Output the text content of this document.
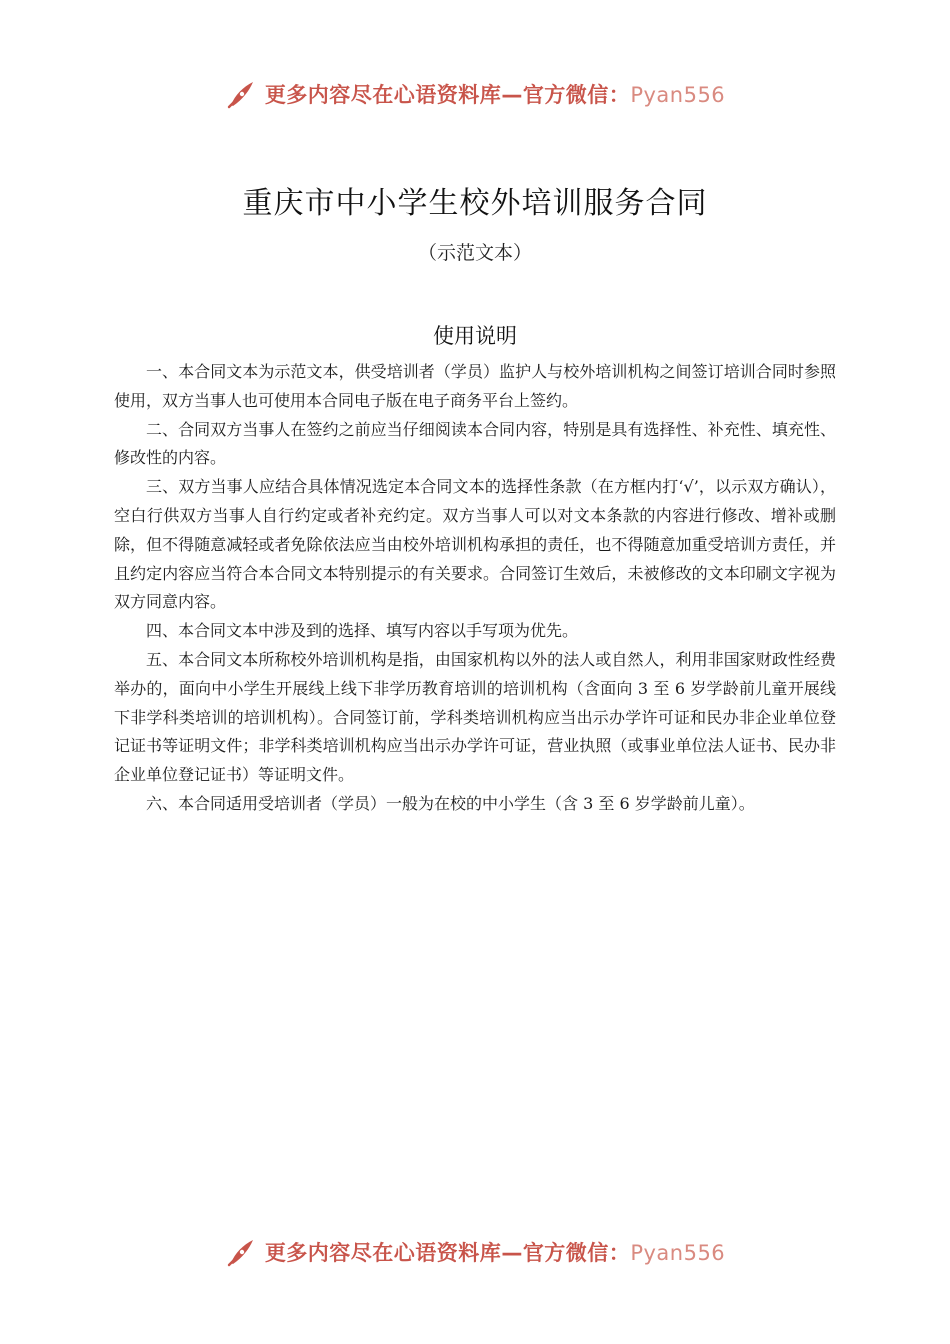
更多内容尽在心语资料库—官方微信：Pyan556
重庆市中小学生校外培训服务合同
（示范文本）
使用说明

一、本合同文本为示范文本，供受培训者（学员）监护人与校外培训机构之间签订培训合同时参照使用，双方当事人也可使用本合同电子版在电子商务平台上签约。

二、合同双方当事人在签约之前应当仔细阅读本合同内容，特别是具有选择性、补充性、填充性、修改性的内容。

三、双方当事人应结合具体情况选定本合同文本的选择性条款（在方框内打‘√’，以示双方确认），空白行供双方当事人自行约定或者补充约定。双方当事人可以对文本条款的内容进行修改、增补或删除，但不得随意减轻或者免除依法应当由校外培训机构承担的责任，也不得随意加重受培训方责任，并且约定内容应当符合本合同文本特别提示的有关要求。合同签订生效后，未被修改的文本印刷文字视为双方同意内容。

四、本合同文本中涉及到的选择、填写内容以手写项为优先。

五、本合同文本所称校外培训机构是指，由国家机构以外的法人或自然人，利用非国家财政性经费举办的，面向中小学生开展线上线下非学历教育培训的培训机构（含面向 3 至 6 岁学龄前儿童开展线下非学科类培训的培训机构）。合同签订前，学科类培训机构应当出示办学许可证和民办非企业单位登记证书等证明文件；非学科类培训机构应当出示办学许可证，营业执照（或事业单位法人证书、民办非企业单位登记证书）等证明文件。

六、本合同适用受培训者（学员）一般为在校的中小学生（含 3 至 6 岁学龄前儿童）。

更多内容尽在心语资料库—官方微信：Pyan556
